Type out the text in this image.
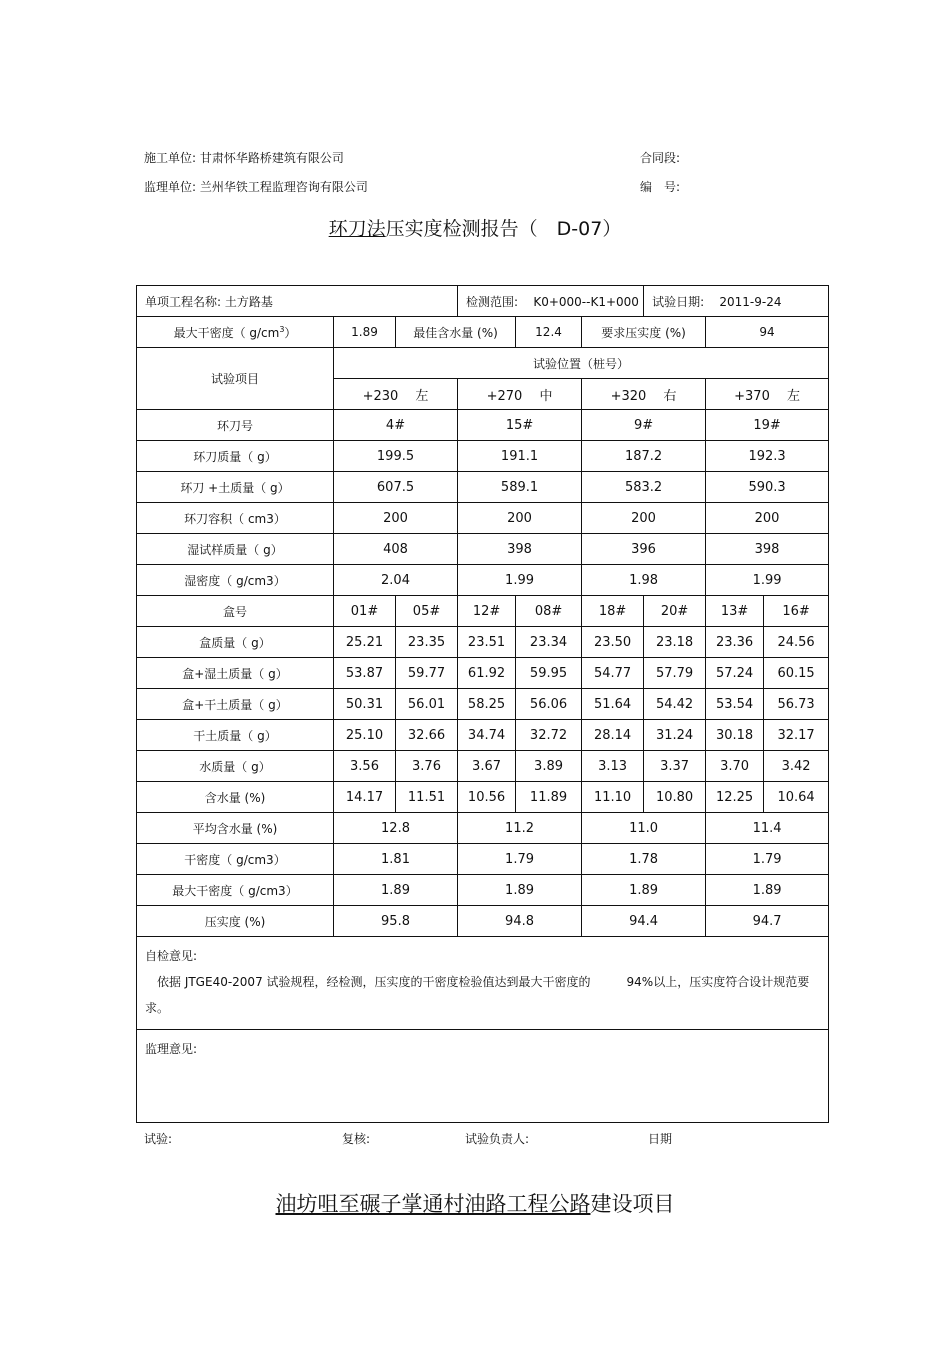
施工单位: 甘肃怀华路桥建筑有限公司	合同段:
监理单位: 兰州华铁工程监理咨询有限公司	编　号:
环刀法压实度检测报告（　D-07）
单项工程名称: 土方路基			检测范围: K0+000--K1+000			试验日期: 2011-9-24		
最大干密度（ $g/cm^3$）	1.89	最佳含水量 (%)		12.4	要求压实度 (%)		94	
试验项目	试验位置（桩号）							
	+230　 左		+270　 中		+320　 右		+370　 左	
环刀号	4#		15#		9#		19#	
环刀质量（ g）	199.5		191.1		187.2		192.3	
环刀 +土质量（ g）	607.5		589.1		583.2		590.3	
环刀容积（ cm3）	200		200		200		200	
湿试样质量（ g）	408		398		396		398	
湿密度（ g/cm3）	2.04		1.99		1.98		1.99	
盒号	01#	05#	12#	08#	18#	20#	13#	16#
盒质量（ g）	25.21	23.35	23.51	23.34	23.50	23.18	23.36	24.56
盒+湿土质量（ g）	53.87	59.77	61.92	59.95	54.77	57.79	57.24	60.15
盒+干土质量（ g）	50.31	56.01	58.25	56.06	51.64	54.42	53.54	56.73
干土质量（ g）	25.10	32.66	34.74	32.72	28.14	31.24	30.18	32.17
水质量（ g）	3.56	3.76	3.67	3.89	3.13	3.37	3.70	3.42
含水量 (%)	14.17	11.51	10.56	11.89	11.10	10.80	12.25	10.64
平均含水量 (%)	12.8		11.2		11.0		11.4	
干密度（ g/cm3）	1.81		1.79		1.78		1.79	
最大干密度（ g/cm3）	1.89		1.89		1.89		1.89	
压实度 (%)	95.8		94.8		94.4		94.7	

自检意见:
依据 JTGE40-2007 试验规程，经检测，压实度的干密度检验值达到最大干密度的　　　94%以上，压实度符合设计规范要求。								

监理意见:								
试验:	复核:	试验负责人:	日期
油坊咀至碾子掌通村油路工程公路建设项目
